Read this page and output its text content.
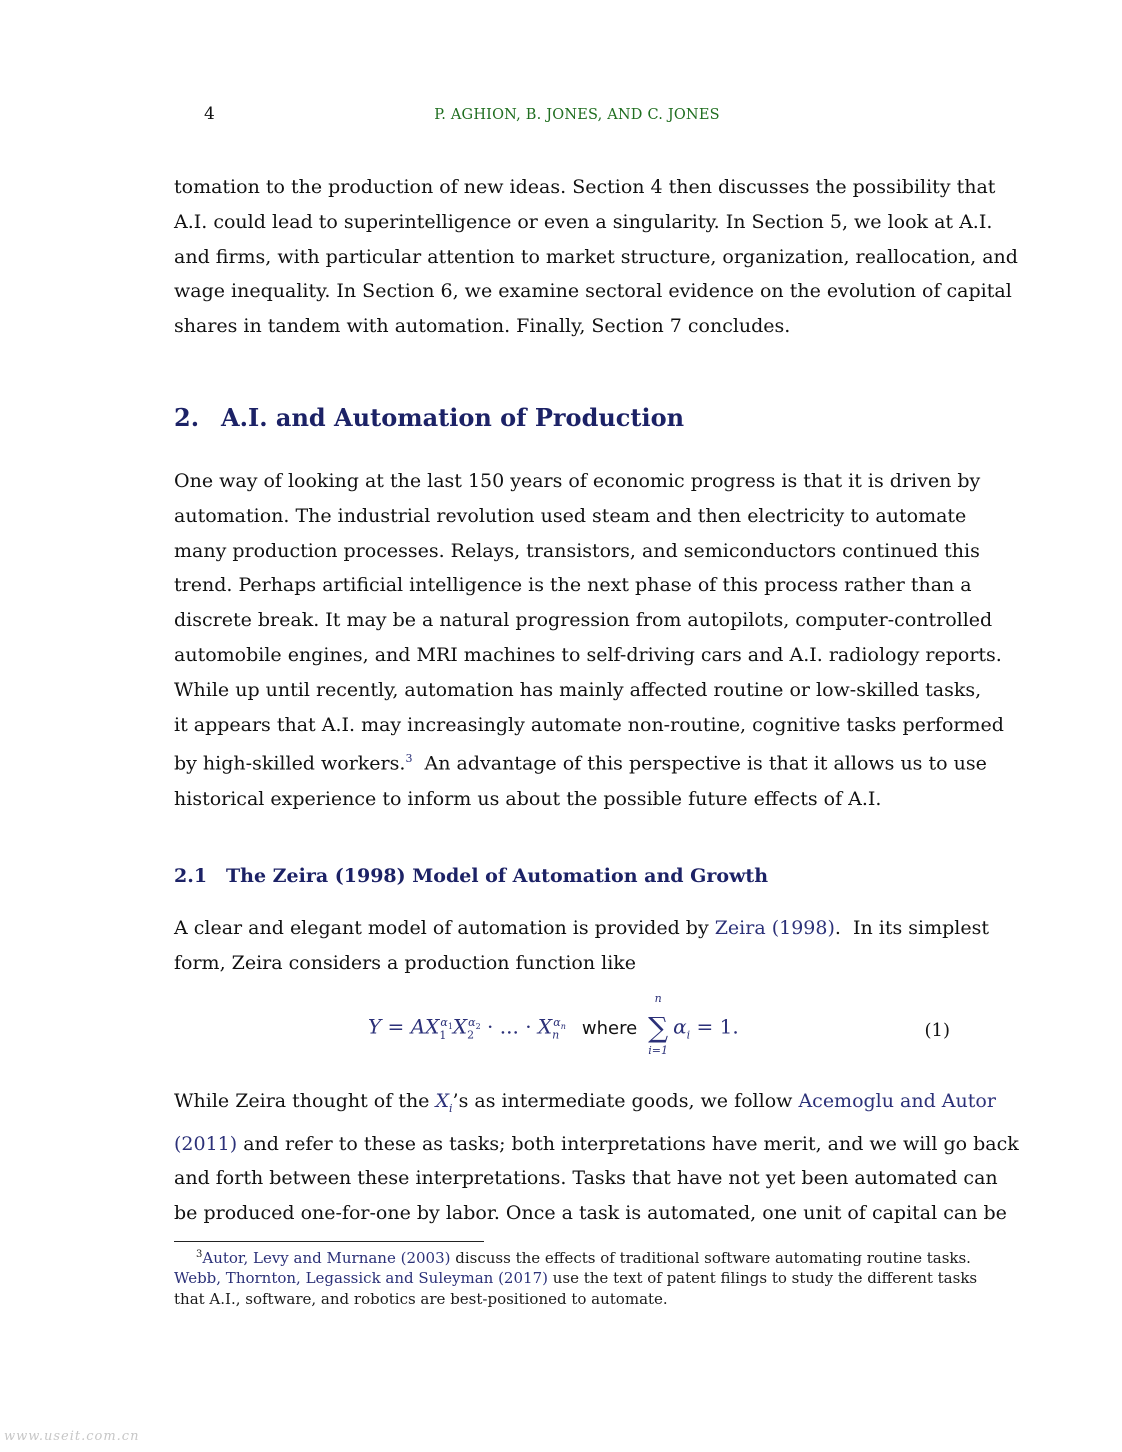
4	P. AGHION, B. JONES, AND C. JONES

tomation to the production of new ideas. Section 4 then discusses the possibility that
A.I. could lead to superintelligence or even a singularity. In Section 5, we look at A.I.
and firms, with particular attention to market structure, organization, reallocation, and
wage inequality. In Section 6, we examine sectoral evidence on the evolution of capital
shares in tandem with automation. Finally, Section 7 concludes.

2. A.I. and Automation of Production

One way of looking at the last 150 years of economic progress is that it is driven by
automation. The industrial revolution used steam and then electricity to automate
many production processes. Relays, transistors, and semiconductors continued this
trend. Perhaps artificial intelligence is the next phase of this process rather than a
discrete break. It may be a natural progression from autopilots, computer-controlled
automobile engines, and MRI machines to self-driving cars and A.I. radiology reports.
While up until recently, automation has mainly affected routine or low-skilled tasks,
it appears that A.I. may increasingly automate non-routine, cognitive tasks performed
by high-skilled workers.$^3$  An advantage of this perspective is that it allows us to use
historical experience to inform us about the possible future effects of A.I.

2.1 The Zeira (1998) Model of Automation and Growth

A clear and elegant model of automation is provided by Zeira (1998).  In its simplest
form, Zeira considers a production function like

$Y = AX_1^{\alpha_1}X_2^{\alpha_2}$ · ... · $X_n^{\alpha_n}$ where
n
∑
i=1
$\alpha_i = 1$.	(1)

While Zeira thought of the $X_i’s$ as intermediate goods, we follow Acemoglu and Autor
(2011) and refer to these as tasks; both interpretations have merit, and we will go back
and forth between these interpretations. Tasks that have not yet been automated can
be produced one-for-one by labor. Once a task is automated, one unit of capital can be

$^3$Autor, Levy and Murnane (2003) discuss the effects of traditional software automating routine tasks.
Webb, Thornton, Legassick and Suleyman (2017) use the text of patent filings to study the different tasks
that A.I., software, and robotics are best-positioned to automate.
www.useit.com.cn
